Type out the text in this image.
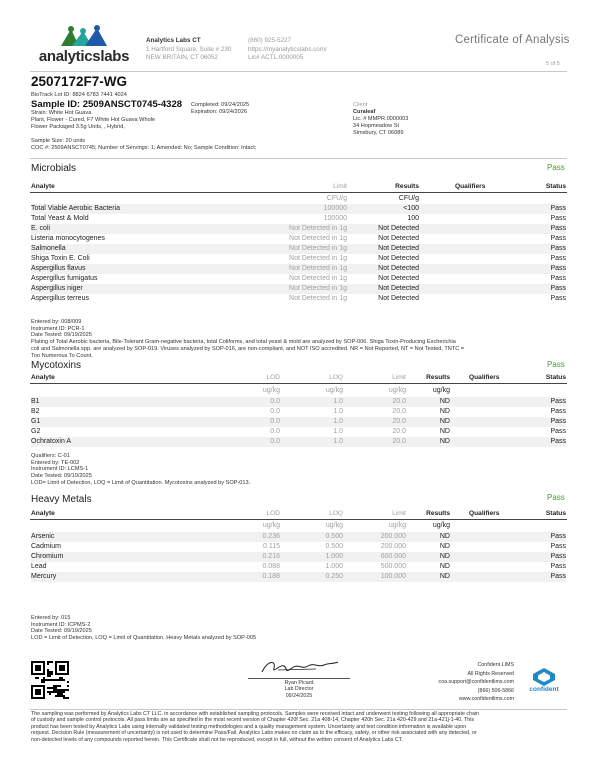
analyticslabs
Analytics Labs CT
1 Hartford Square, Suite # 230
NEW BRITAIN, CT 06052
(860) 925-5227
https://myanalyticslabs.com/
Lic# ACTL.0000005
Certificate of Analysis
5 of 5
2507172F7-WG
BioTrack Lot ID: 8824 6783 7441 4024
Sample ID: 2509ANSCT0745-4328
Strain: White Hot Guava
Plant, Flower - Cured, F7 White Hot Guava Whole
Flower Packaged 3.5g Units, , Hybrid,
Completed: 09/24/2025
Expiration: 09/24/2026
Client
Curaleaf
Lic. # MMPR.0000003
34 Hopmeadow St
Simsbury, CT 06089
Sample Size: 20 units
COC #: 2509ANSCT0745; Number of Servings: 1; Amended: No; Sample Condition: Intact;
Microbials	Pass
Analyte	Limit	Results	Qualifiers	Status
CFU/g	CFU/g
Total Viable Aerobic Bacteria	100000	<100	Pass
Total Yeast & Mold	100000	100	Pass
E. coli	Not Detected in 1g	Not Detected	Pass
Listeria monocytogenes	Not Detected in 1g	Not Detected	Pass
Salmonella	Not Detected in 1g	Not Detected	Pass
Shiga Toxin E. Coli	Not Detected in 1g	Not Detected	Pass
Aspergillus flavus	Not Detected in 1g	Not Detected	Pass
Aspergillus fumigatus	Not Detected in 1g	Not Detected	Pass
Aspergillus niger	Not Detected in 1g	Not Detected	Pass
Aspergillus terreus	Not Detected in 1g	Not Detected	Pass
Entered by: 008/009
Instrument ID: PCR-1
Date Tested: 09/19/2025
Plating of Total Aerobic bacteria, Bile-Tolerant Gram-negative bacteria, total Coliforms, and total yeast & mold are analyzed by SOP-006. Shiga Toxin-Producing Escherichia
coli and Salmonella spp. are analyzed by SOP-019. Viruses analyzed by SOP-016, are non-compliant, and NOT ISO accredited. NR = Not Reported, NT = Not Tested, TNTC =
Too Numerous To Count.
Mycotoxins	Pass
Analyte	LOD	LOQ	Limit	Results	Qualifiers	Status
ug/kg	ug/kg	ug/kg	ug/kg
B1	0.0	1.0	20.0	ND	Pass
B2	0.0	1.0	20.0	ND	Pass
G1	0.0	1.0	20.0	ND	Pass
G2	0.0	1.0	20.0	ND	Pass
Ochratoxin A	0.0	1.0	20.0	ND	Pass
Qualifiers: C-01
Entered by: TE-002
Instrument ID: LCMS-1
Date Tested: 09/19/2025
LOD= Limit of Detection, LOQ = Limit of Quantitation. Mycotoxins analyzed by SOP-013.
Heavy Metals	Pass
Analyte	LOD	LOQ	Limit	Results	Qualifiers	Status
ug/kg	ug/kg	ug/kg	ug/kg
Arsenic	0.236	0.500	200.000	ND	Pass
Cadmium	0.115	0.500	200.000	ND	Pass
Chromium	0.216	1.000	600.000	ND	Pass
Lead	0.088	1.000	500.000	ND	Pass
Mercury	0.188	0.250	100.000	ND	Pass
Entered by: 015
Instrument ID: ICPMS-2
Date Tested: 09/19/2025
LOD = Limit of Detection, LOQ = Limit of Quantitation. Heavy Metals analyzed by SOP-005
Ryan Picard
Lab Director
09/24/2025
Confident LIMS
All Rights Reserved
coa.support@confidentlims.com
(866) 506-5866
www.confidentlims.com
confident
The sampling was performed by Analytics Labs CT LLC. in accordance with established sampling protocols. Samples were received intact and underwent testing following all appropriate chain
of custody and sample control protocols. All pass limits are as specified in the most recent version of Chapter 420f Sec. 21a 408-14, Chapter 420h Sec. 21a 420-429 and 21a-421j-1-40. This
product has been tested by Analytics Labs using internally validated testing methodologies and a quality management system. Uncertainty and test condition information is available upon
request. Decision Rule (measurement of uncertainty) is not used to determine Pass/Fail. Analytics Labs makes no claim as to the efficacy, safety, or other risk associated with any detected, or
non-detected levels of any compounds reported herein. This Certificate shall not be reproduced, except in full, without the written consent of Analytics Labs CT.
